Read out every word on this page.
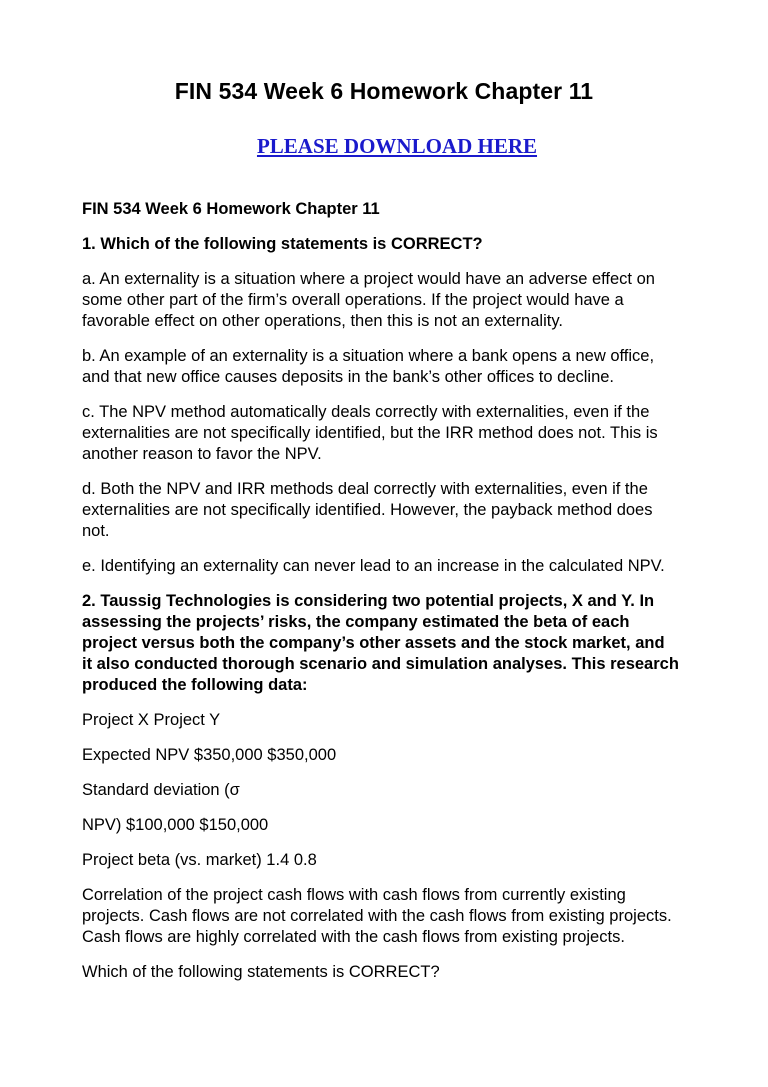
FIN 534 Week 6 Homework Chapter 11
PLEASE DOWNLOAD HERE

FIN 534 Week 6 Homework Chapter 11

1. Which of the following statements is CORRECT?

a. An externality is a situation where a project would have an adverse effect on
some other part of the firm’s overall operations. If the project would have a
favorable effect on other operations, then this is not an externality.

b. An example of an externality is a situation where a bank opens a new office,
and that new office causes deposits in the bank’s other offices to decline.

c. The NPV method automatically deals correctly with externalities, even if the
externalities are not specifically identified, but the IRR method does not. This is
another reason to favor the NPV.

d. Both the NPV and IRR methods deal correctly with externalities, even if the
externalities are not specifically identified. However, the payback method does
not.

e. Identifying an externality can never lead to an increase in the calculated NPV.

2. Taussig Technologies is considering two potential projects, X and Y. In
assessing the projects’ risks, the company estimated the beta of each
project versus both the company’s other assets and the stock market, and
it also conducted thorough scenario and simulation analyses. This research
produced the following data:

Project X Project Y

Expected NPV $350,000 $350,000

Standard deviation (σ

NPV) $100,000 $150,000

Project beta (vs. market) 1.4 0.8

Correlation of the project cash flows with cash flows from currently existing
projects. Cash flows are not correlated with the cash flows from existing projects.
Cash flows are highly correlated with the cash flows from existing projects.

Which of the following statements is CORRECT?
